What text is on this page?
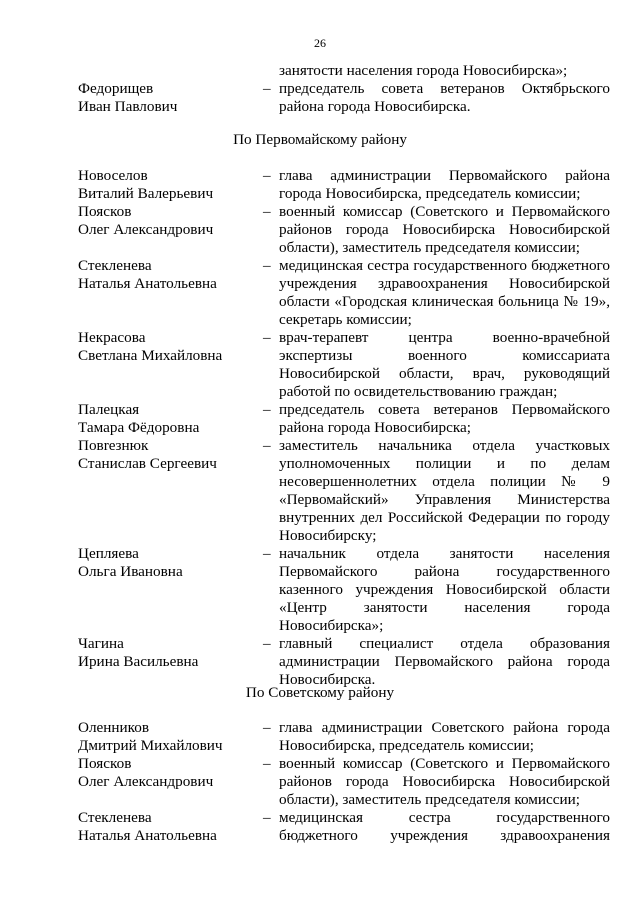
26
занятости населения города Новосибирска»;
Федорищев
Иван Павлович
– председатель совета ветеранов Октябрьского
района города Новосибирска.
По Первомайскому району
Новоселов
Виталий Валерьевич
– глава администрации Первомайского района
города Новосибирска, председатель комиссии;
Поясков
Олег Александрович
– военный комиссар (Советского и Первомайского
районов города Новосибирска Новосибирской
области), заместитель председателя комиссии;
Стекленева
Наталья Анатольевна
– медицинская сестра государственного бюджетного
учреждения здравоохранения Новосибирской
области «Городская клиническая больница № 19»,
секретарь комиссии;
Некрасова
Светлана Михайловна
– врач-терапевт центра военно-врачебной
экспертизы военного комиссариата
Новосибирской области, врач, руководящий
работой по освидетельствованию граждан;
Палецкая
Тамара Фёдоровна
– председатель совета ветеранов Первомайского
района города Новосибирска;
Повreзнюк
Станислав Сергеевич
– заместитель начальника отдела участковых
уполномоченных полиции и по делам
несовершеннолетних отдела полиции № 9
«Первомайский» Управления Министерства
внутренних дел Российской Федерации по городу
Новосибирску;
Цепляева
Ольга Ивановна
– начальник отдела занятости населения
Первомайского района государственного
казенного учреждения Новосибирской области
«Центр занятости населения города
Новосибирска»;
Чагина
Ирина Васильевна
– главный специалист отдела образования
администрации Первомайского района города
Новосибирска.
По Советскому району
Оленников
Дмитрий Михайлович
– глава администрации Советского района города
Новосибирска, председатель комиссии;
Поясков
Олег Александрович
– военный комиссар (Советского и Первомайского
районов города Новосибирска Новосибирской
области), заместитель председателя комиссии;
Стекленева
Наталья Анатольевна
– медицинская сестра государственного
бюджетного учреждения здравоохранения
